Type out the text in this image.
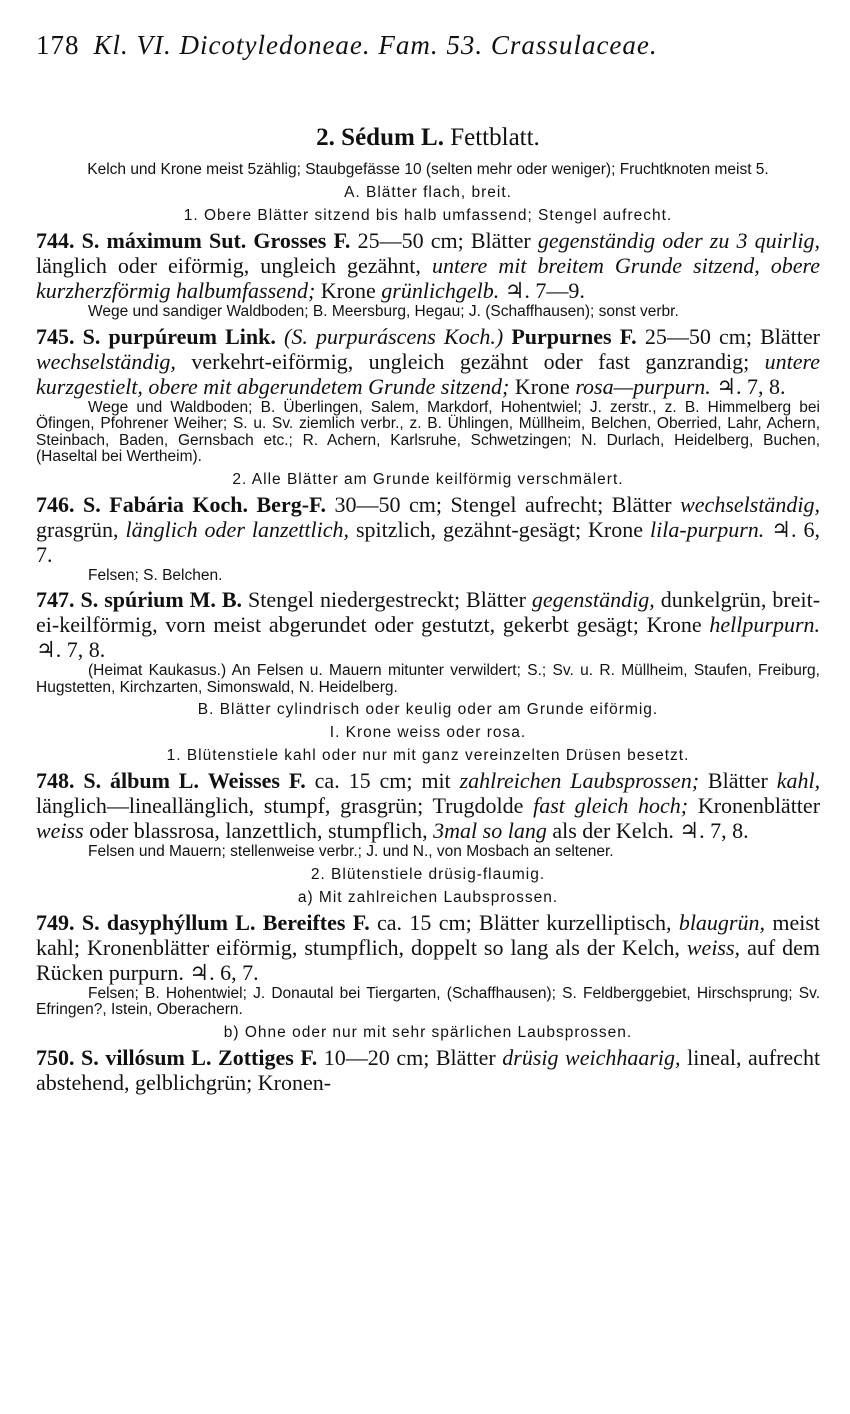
178 Kl. VI. Dicotyledoneae. Fam. 53. Crassulaceae.
2. Sédum L. Fettblatt.
Kelch und Krone meist 5zählig; Staubgefässe 10 (selten mehr oder weniger); Fruchtknoten meist 5.
A. Blätter flach, breit.
1. Obere Blätter sitzend bis halb umfassend; Stengel aufrecht.
744. S. máximum Sut. Grosses F. 25—50 cm; Blätter gegenständig oder zu 3 quirlig, länglich oder eiförmig, ungleich gezähnt, untere mit breitem Grunde sitzend, obere kurzherzförmig halbumfassend; Krone grünlichgelb. ♃. 7—9.
Wege und sandiger Waldboden; B. Meersburg, Hegau; J. (Schaffhausen); sonst verbr.
745. S. purpúreum Link. (S. purpuráscens Koch.) Purpurnes F. 25—50 cm; Blätter wechselständig, verkehrt-eiförmig, ungleich gezähnt oder fast ganzrandig; untere kurzgestielt, obere mit abgerundetem Grunde sitzend; Krone rosa—purpurn. ♃. 7, 8.
Wege und Waldboden; B. Überlingen, Salem, Markdorf, Hohentwiel; J. zerstr., z. B. Himmelberg bei Öfingen, Pfohrener Weiher; S. u. Sv. ziemlich verbr., z. B. Ühlingen, Müllheim, Belchen, Oberried, Lahr, Achern, Steinbach, Baden, Gernsbach etc.; R. Achern, Karlsruhe, Schwetzingen; N. Durlach, Heidelberg, Buchen, (Haseltal bei Wertheim).
2. Alle Blätter am Grunde keilförmig verschmälert.
746. S. Fabária Koch. Berg-F. 30—50 cm; Stengel aufrecht; Blätter wechselständig, grasgrün, länglich oder lanzettlich, spitzlich, gezähnt-gesägt; Krone lila-purpurn. ♃. 6, 7.
Felsen; S. Belchen.
747. S. spúrium M. B. Stengel niedergestreckt; Blätter gegenständig, dunkelgrün, breit-ei-keilförmig, vorn meist abgerundet oder gestutzt, gekerbt gesägt; Krone hellpurpurn. ♃. 7, 8.
(Heimat Kaukasus.) An Felsen u. Mauern mitunter verwildert; S.; Sv. u. R. Müllheim, Staufen, Freiburg, Hugstetten, Kirchzarten, Simonswald, N. Heidelberg.
B. Blätter cylindrisch oder keulig oder am Grunde eiförmig.
I. Krone weiss oder rosa.
1. Blütenstiele kahl oder nur mit ganz vereinzelten Drüsen besetzt.
748. S. álbum L. Weisses F. ca. 15 cm; mit zahlreichen Laubsprossen; Blätter kahl, länglich—lineallänglich, stumpf, grasgrün; Trugdolde fast gleich hoch; Kronenblätter weiss oder blassrosa, lanzettlich, stumpflich, 3mal so lang als der Kelch. ♃. 7, 8.
Felsen und Mauern; stellenweise verbr.; J. und N., von Mosbach an seltener.
2. Blütenstiele drüsig-flaumig.
a) Mit zahlreichen Laubsprossen.
749. S. dasyphýllum L. Bereiftes F. ca. 15 cm; Blätter kurzelliptisch, blaugrün, meist kahl; Kronenblätter eiförmig, stumpflich, doppelt so lang als der Kelch, weiss, auf dem Rücken purpurn. ♃. 6, 7.
Felsen; B. Hohentwiel; J. Donautal bei Tiergarten, (Schaffhausen); S. Feldberggebiet, Hirschsprung; Sv. Efringen?, Istein, Oberachern.
b) Ohne oder nur mit sehr spärlichen Laubsprossen.
750. S. villósum L. Zottiges F. 10—20 cm; Blätter drüsig weichhaarig, lineal, aufrecht abstehend, gelblichgrün; Kronen-
